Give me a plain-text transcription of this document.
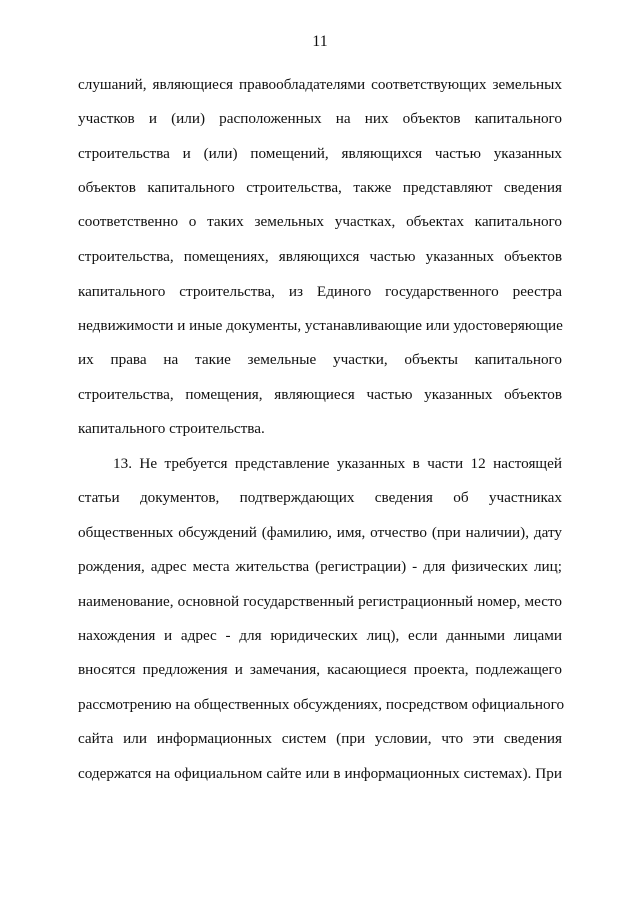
11
слушаний, являющиеся правообладателями соответствующих земельных
участков и (или) расположенных на них объектов капитального
строительства и (или) помещений, являющихся частью указанных
объектов капитального строительства, также представляют сведения
соответственно о таких земельных участках, объектах капитального
строительства, помещениях, являющихся частью указанных объектов
капитального строительства, из Единого государственного реестра
недвижимости и иные документы, устанавливающие или удостоверяющие
их права на такие земельные участки, объекты капитального
строительства, помещения, являющиеся частью указанных объектов
капитального строительства.
13. Не требуется представление указанных в части 12 настоящей
статьи документов, подтверждающих сведения об участниках
общественных обсуждений (фамилию, имя, отчество (при наличии), дату
рождения, адрес места жительства (регистрации) - для физических лиц;
наименование, основной государственный регистрационный номер, место
нахождения и адрес - для юридических лиц), если данными лицами
вносятся предложения и замечания, касающиеся проекта, подлежащего
рассмотрению на общественных обсуждениях, посредством официального
сайта или информационных систем (при условии, что эти сведения
содержатся на официальном сайте или в информационных системах). При
